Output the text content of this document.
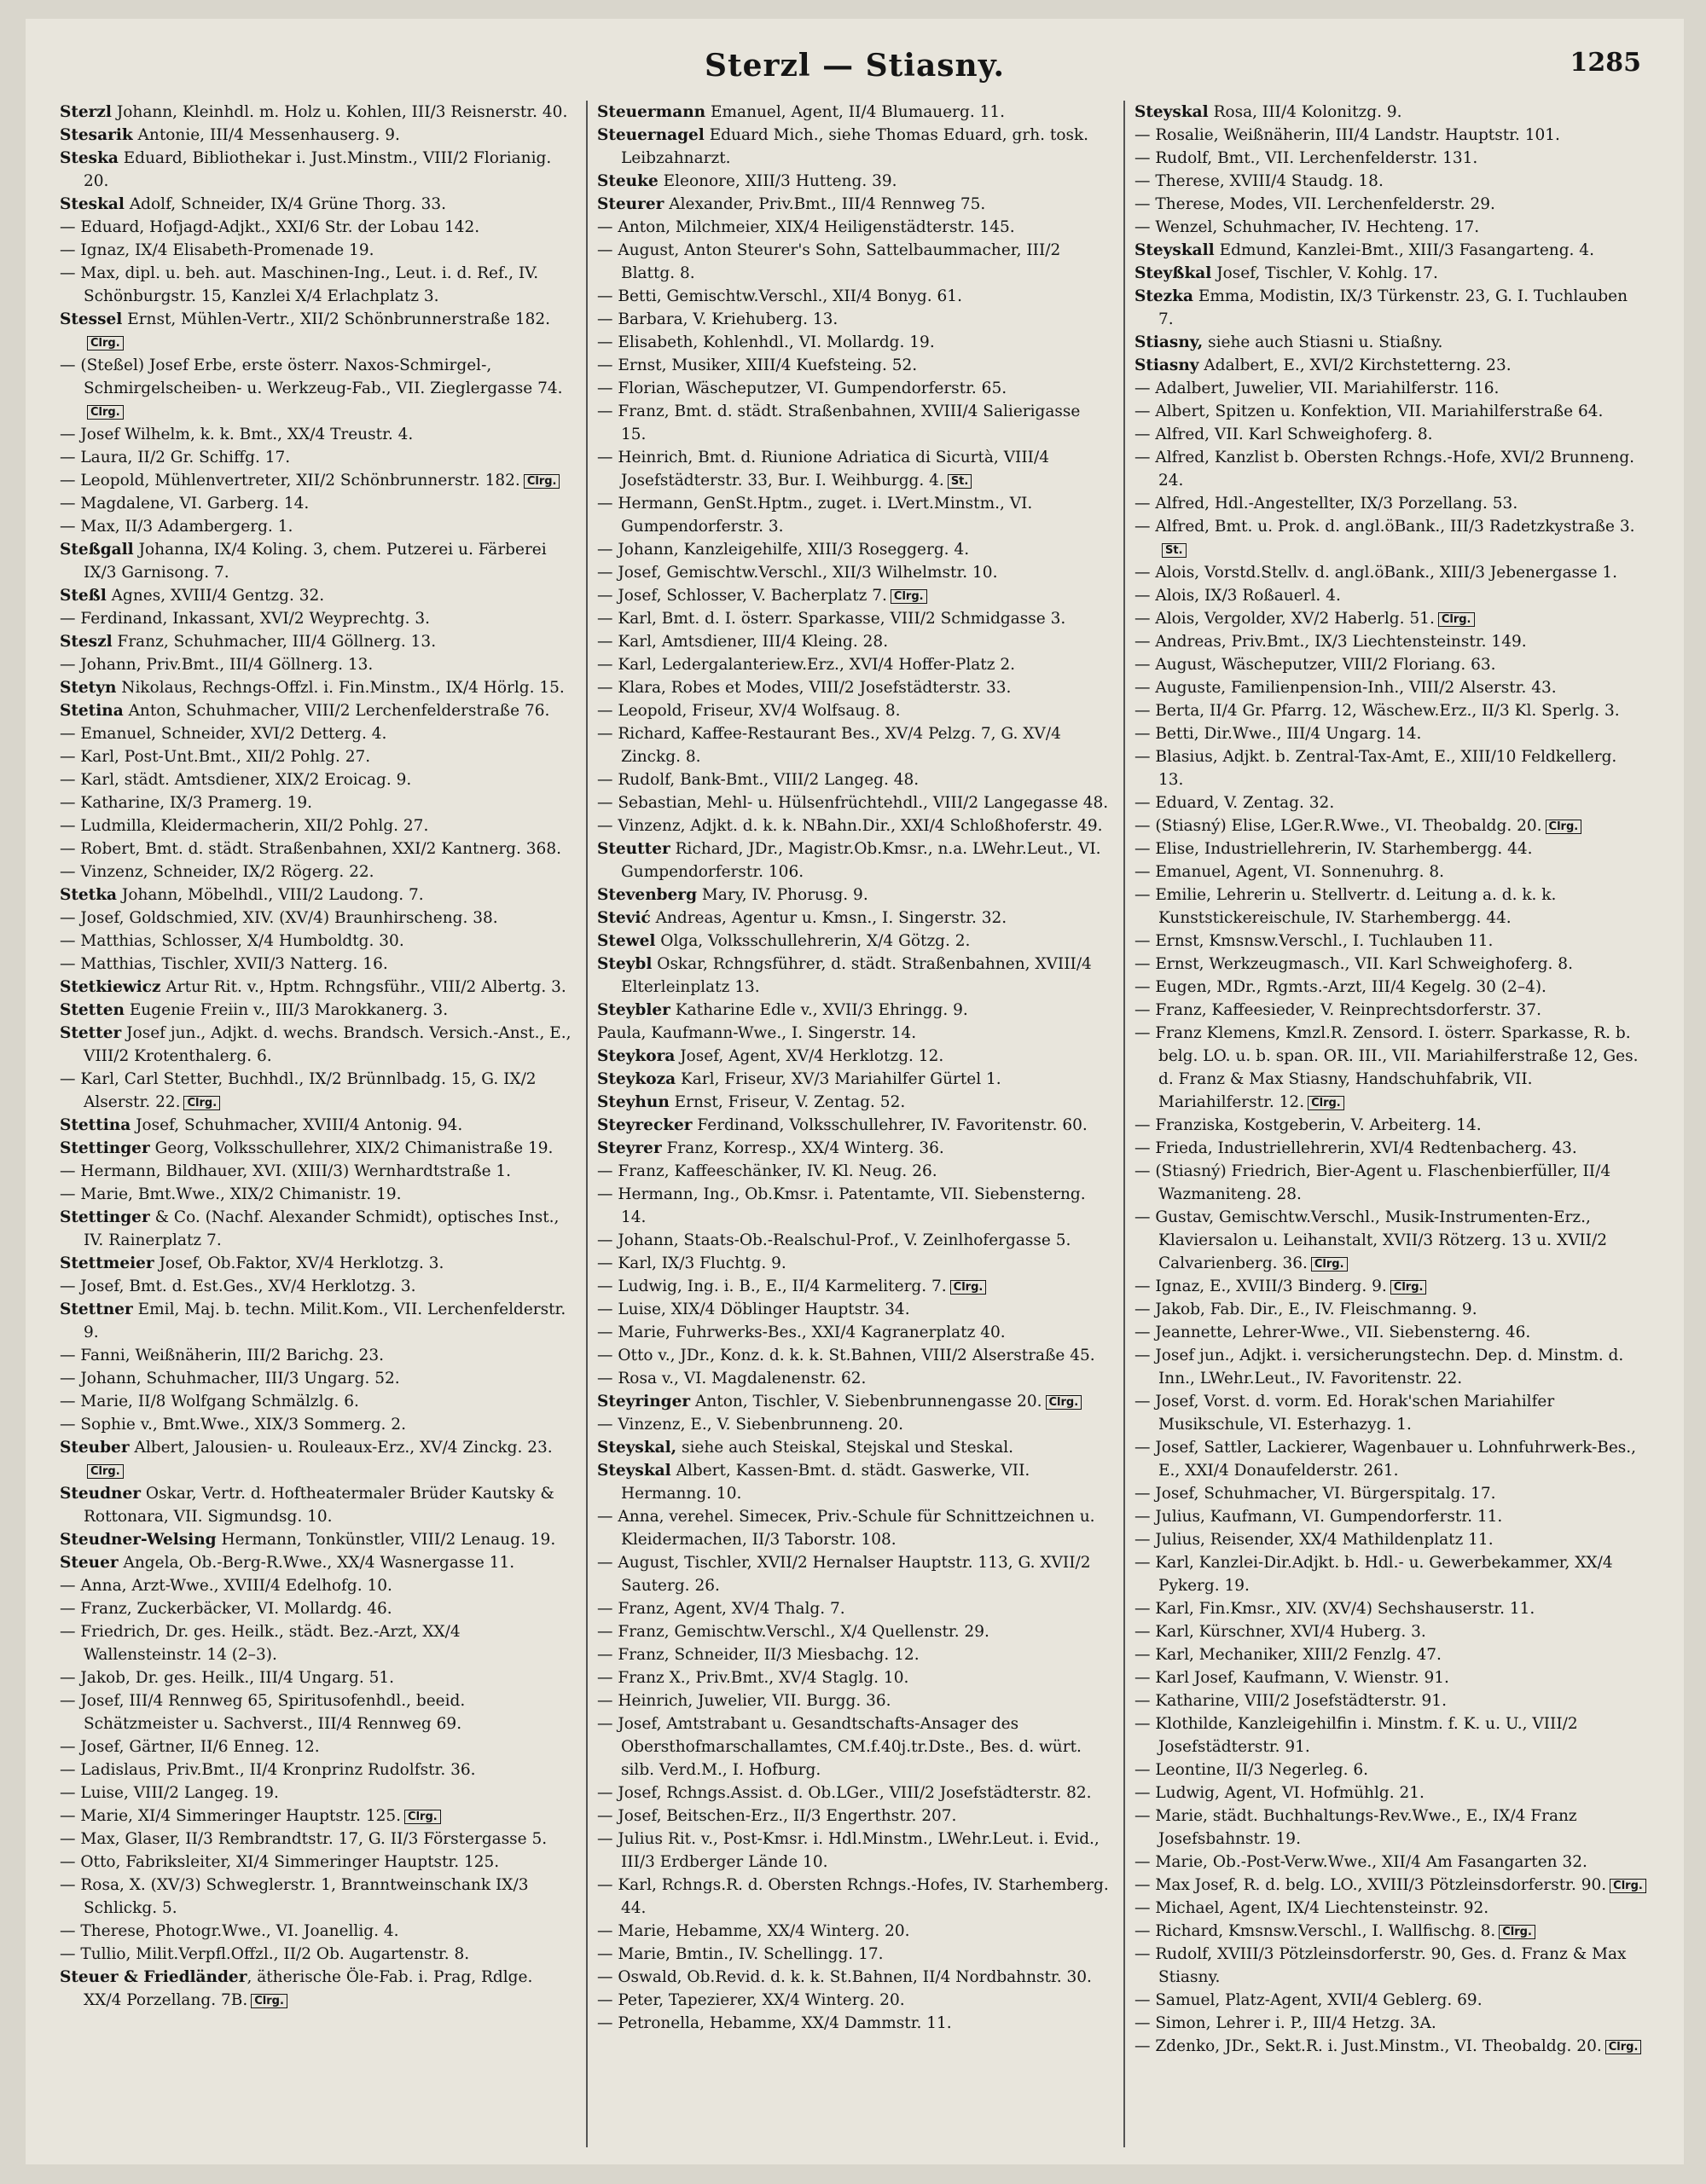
Sterzl — Stiasny.	1285
Sterzl Johann, Kleinhdl. m. Holz u. Kohlen, III/3 Reisnerstr. 40.
Stesarik Antonie, III/4 Messenhauserg. 9.
Steska Eduard, Bibliothekar i. Just.Minstm., VIII/2 Florianig. 20.
Steskal Adolf, Schneider, IX/4 Grüne Thorg. 33.
— Eduard, Hofjagd-Adjkt., XXI/6 Str. der Lobau 142.
— Ignaz, IX/4 Elisabeth-Promenade 19.
— Max, dipl. u. beh. aut. Maschinen-Ing., Leut. i. d. Ref., IV. Schönburgstr. 15, Kanzlei X/4 Erlachplatz 3.
Stessel Ernst, Mühlen-Vertr., XII/2 Schönbrunnerstraße 182.Clrg.
— (Steßel) Josef Erbe, erste österr. Naxos-Schmirgel-, Schmirgelscheiben- u. Werkzeug-Fab., VII. Zieglergasse 74.Clrg.
— Josef Wilhelm, k. k. Bmt., XX/4 Treustr. 4.
— Laura, II/2 Gr. Schiffg. 17.
— Leopold, Mühlenvertreter, XII/2 Schönbrunnerstr. 182. Clrg.
— Magdalene, VI. Garberg. 14.
— Max, II/3 Adambergerg. 1.
Steßgall Johanna, IX/4 Koling. 3, chem. Putzerei u. Färberei IX/3 Garnisong. 7.
Steßl Agnes, XVIII/4 Gentzg. 32.
— Ferdinand, Inkassant, XVI/2 Weyprechtg. 3.
Steszl Franz, Schuhmacher, III/4 Göllnerg. 13.
— Johann, Priv.Bmt., III/4 Göllnerg. 13.
Stetyn Nikolaus, Rechngs-Offzl. i. Fin.Minstm., IX/4 Hörlg. 15.
Stetina Anton, Schuhmacher, VIII/2 Lerchenfelderstraße 76.
— Emanuel, Schneider, XVI/2 Detterg. 4.
— Karl, Post-Unt.Bmt., XII/2 Pohlg. 27.
— Karl, städt. Amtsdiener, XIX/2 Eroicag. 9.
— Katharine, IX/3 Pramerg. 19.
— Ludmilla, Kleidermacherin, XII/2 Pohlg. 27.
— Robert, Bmt. d. städt. Straßenbahnen, XXI/2 Kantnerg. 368.
— Vinzenz, Schneider, IX/2 Rögerg. 22.
Stetka Johann, Möbelhdl., VIII/2 Laudong. 7.
— Josef, Goldschmied, XIV. (XV/4) Braunhirscheng. 38.
— Matthias, Schlosser, X/4 Humboldtg. 30.
— Matthias, Tischler, XVII/3 Natterg. 16.
Stetkiewicz Artur Rit. v., Hptm. Rchngsführ., VIII/2 Albertg. 3.
Stetten Eugenie Freiin v., III/3 Marokkanerg. 3.
Stetter Josef jun., Adjkt. d. wechs. Brandsch. Versich.-Anst., E., VIII/2 Krotenthalerg. 6.
— Karl, Carl Stetter, Buchhdl., IX/2 Brünnlbadg. 15, G. IX/2 Alserstr. 22. Clrg.
Stettina Josef, Schuhmacher, XVIII/4 Antonig. 94.
Stettinger Georg, Volksschullehrer, XIX/2 Chimanistraße 19.
— Hermann, Bildhauer, XVI. (XIII/3) Wernhardtstraße 1.
— Marie, Bmt.Wwe., XIX/2 Chimanistr. 19.
Stettinger & Co. (Nachf. Alexander Schmidt), optisches Inst., IV. Rainerplatz 7.
Stettmeier Josef, Ob.Faktor, XV/4 Herklotzg. 3.
— Josef, Bmt. d. Est.Ges., XV/4 Herklotzg. 3.
Stettner Emil, Maj. b. techn. Milit.Kom., VII. Lerchenfelderstr. 9.
— Fanni, Weißnäherin, III/2 Barichg. 23.
— Johann, Schuhmacher, III/3 Ungarg. 52.
— Marie, II/8 Wolfgang Schmälzlg. 6.
— Sophie v., Bmt.Wwe., XIX/3 Sommerg. 2.
Steuber Albert, Jalousien- u. Rouleaux-Erz., XV/4 Zinckg. 23.Clrg.
Steudner Oskar, Vertr. d. Hoftheatermaler Brüder Kautsky & Rottonara, VII. Sigmundsg. 10.
Steudner-Welsing Hermann, Tonkünstler, VIII/2 Lenaug. 19.
Steuer Angela, Ob.-Berg-R.Wwe., XX/4 Wasnergasse 11.
— Anna, Arzt-Wwe., XVIII/4 Edelhofg. 10.
— Franz, Zuckerbäcker, VI. Mollardg. 46.
— Friedrich, Dr. ges. Heilk., städt. Bez.-Arzt, XX/4 Wallensteinstr. 14 (2–3).
— Jakob, Dr. ges. Heilk., III/4 Ungarg. 51.
— Josef, III/4 Rennweg 65, Spiritusofenhdl., beeid. Schätzmeister u. Sachverst., III/4 Rennweg 69.
— Josef, Gärtner, II/6 Enneg. 12.
— Ladislaus, Priv.Bmt., II/4 Kronprinz Rudolfstr. 36.
— Luise, VIII/2 Langeg. 19.
— Marie, XI/4 Simmeringer Hauptstr. 125. Clrg.
— Max, Glaser, II/3 Rembrandtstr. 17, G. II/3 Förstergasse 5.
— Otto, Fabriksleiter, XI/4 Simmeringer Hauptstr. 125.
— Rosa, X. (XV/3) Schweglerstr. 1, Branntweinschank IX/3 Schlickg. 5.
— Therese, Photogr.Wwe., VI. Joanellig. 4.
— Tullio, Milit.Verpfl.Offzl., II/2 Ob. Augartenstr. 8.
Steuer & Friedländer, ätherische Öle-Fab. i. Prag, Rdlge. XX/4 Porzellang. 7B. Clrg.
Steuermann Emanuel, Agent, II/4 Blumauerg. 11.
Steuernagel Eduard Mich., siehe Thomas Eduard, grh. tosk. Leibzahnarzt.
Steuke Eleonore, XIII/3 Hutteng. 39.
Steurer Alexander, Priv.Bmt., III/4 Rennweg 75.
— Anton, Milchmeier, XIX/4 Heiligenstädterstr. 145.
— August, Anton Steurer's Sohn, Sattelbaummacher, III/2 Blattg. 8.
— Betti, Gemischtw.Verschl., XII/4 Bonyg. 61.
— Barbara, V. Kriehuberg. 13.
— Elisabeth, Kohlenhdl., VI. Mollardg. 19.
— Ernst, Musiker, XIII/4 Kuefsteing. 52.
— Florian, Wäscheputzer, VI. Gumpendorferstr. 65.
— Franz, Bmt. d. städt. Straßenbahnen, XVIII/4 Salierigasse 15.
— Heinrich, Bmt. d. Riunione Adriatica di Sicurtà, VIII/4 Josefstädterstr. 33, Bur. I. Weihburgg. 4. St.
— Hermann, GenSt.Hptm., zuget. i. LVert.Minstm., VI. Gumpendorferstr. 3.
— Johann, Kanzleigehilfe, XIII/3 Roseggerg. 4.
— Josef, Gemischtw.Verschl., XII/3 Wilhelmstr. 10.
— Josef, Schlosser, V. Bacherplatz 7. Clrg.
— Karl, Bmt. d. I. österr. Sparkasse, VIII/2 Schmidgasse 3.
— Karl, Amtsdiener, III/4 Kleing. 28.
— Karl, Ledergalanteriew.Erz., XVI/4 Hoffer-Platz 2.
— Klara, Robes et Modes, VIII/2 Josefstädterstr. 33.
— Leopold, Friseur, XV/4 Wolfsaug. 8.
— Richard, Kaffee-Restaurant Bes., XV/4 Pelzg. 7, G. XV/4 Zinckg. 8.
— Rudolf, Bank-Bmt., VIII/2 Langeg. 48.
— Sebastian, Mehl- u. Hülsenfrüchtehdl., VIII/2 Langegasse 48.
— Vinzenz, Adjkt. d. k. k. NBahn.Dir., XXI/4 Schloßhoferstr. 49.
Steutter Richard, JDr., Magistr.Ob.Kmsr., n.a. LWehr.Leut., VI. Gumpendorferstr. 106.
Stevenberg Mary, IV. Phorusg. 9.
Stević Andreas, Agentur u. Kmsn., I. Singerstr. 32.
Stewel Olga, Volksschullehrerin, X/4 Götzg. 2.
Steybl Oskar, Rchngsführer, d. städt. Straßenbahnen, XVIII/4 Elterleinplatz 13.
Steybler Katharine Edle v., XVII/3 Ehringg. 9.
Paula, Kaufmann-Wwe., I. Singerstr. 14.
Steykora Josef, Agent, XV/4 Herklotzg. 12.
Steykoza Karl, Friseur, XV/3 Mariahilfer Gürtel 1.
Steyhun Ernst, Friseur, V. Zentag. 52.
Steyrecker Ferdinand, Volksschullehrer, IV. Favoritenstr. 60.
Steyrer Franz, Korresp., XX/4 Winterg. 36.
— Franz, Kaffeeschänker, IV. Kl. Neug. 26.
— Hermann, Ing., Ob.Kmsr. i. Patentamte, VII. Siebensterng. 14.
— Johann, Staats-Ob.-Realschul-Prof., V. Zeinlhofergasse 5.
— Karl, IX/3 Fluchtg. 9.
— Ludwig, Ing. i. B., E., II/4 Karmeliterg. 7. Clrg.
— Luise, XIX/4 Döblinger Hauptstr. 34.
— Marie, Fuhrwerks-Bes., XXI/4 Kagranerplatz 40.
— Otto v., JDr., Konz. d. k. k. St.Bahnen, VIII/2 Alserstraße 45.
— Rosa v., VI. Magdalenenstr. 62.
Steyringer Anton, Tischler, V. Siebenbrunnengasse 20. Clrg.
— Vinzenz, E., V. Siebenbrunneng. 20.
Steyskal, siehe auch Steiskal, Stejskal und Steskal.
Steyskal Albert, Kassen-Bmt. d. städt. Gaswerke, VII. Hermanng. 10.
— Anna, verehel. Simeceк, Priv.-Schule für Schnittzeichnen u. Kleidermachen, II/3 Taborstr. 108.
— August, Tischler, XVII/2 Hernalser Hauptstr. 113, G. XVII/2 Sauterg. 26.
— Franz, Agent, XV/4 Thalg. 7.
— Franz, Gemischtw.Verschl., X/4 Quellenstr. 29.
— Franz, Schneider, II/3 Miesbachg. 12.
— Franz X., Priv.Bmt., XV/4 Staglg. 10.
— Heinrich, Juwelier, VII. Burgg. 36.
— Josef, Amtstrabant u. Gesandtschafts-Ansager des Obersthofmarschallamtes, CM.f.40j.tr.Dste., Bes. d. würt. silb. Verd.M., I. Hofburg.
— Josef, Rchngs.Assist. d. Ob.LGer., VIII/2 Josefstädterstr. 82.
— Josef, Beitschen-Erz., II/3 Engerthstr. 207.
— Julius Rit. v., Post-Kmsr. i. Hdl.Minstm., LWehr.Leut. i. Evid., III/3 Erdberger Lände 10.
— Karl, Rchngs.R. d. Obersten Rchngs.-Hofes, IV. Starhemberg. 44.
— Marie, Hebamme, XX/4 Winterg. 20.
— Marie, Bmtin., IV. Schellingg. 17.
— Oswald, Ob.Revid. d. k. k. St.Bahnen, II/4 Nordbahnstr. 30.
— Peter, Tapezierer, XX/4 Winterg. 20.
— Petronella, Hebamme, XX/4 Dammstr. 11.
Steyskal Rosa, III/4 Kolonitzg. 9.
— Rosalie, Weißnäherin, III/4 Landstr. Hauptstr. 101.
— Rudolf, Bmt., VII. Lerchenfelderstr. 131.
— Therese, XVIII/4 Staudg. 18.
— Therese, Modes, VII. Lerchenfelderstr. 29.
— Wenzel, Schuhmacher, IV. Hechteng. 17.
Steyskall Edmund, Kanzlei-Bmt., XIII/3 Fasangarteng. 4.
Steyßkal Josef, Tischler, V. Kohlg. 17.
Stezka Emma, Modistin, IX/3 Türkenstr. 23, G. I. Tuchlauben 7.
Stiasny, siehe auch Stiasni u. Stiaßny.
Stiasny Adalbert, E., XVI/2 Kirchstetterng. 23.
— Adalbert, Juwelier, VII. Mariahilferstr. 116.
— Albert, Spitzen u. Konfektion, VII. Mariahilferstraße 64.
— Alfred, VII. Karl Schweighoferg. 8.
— Alfred, Kanzlist b. Obersten Rchngs.-Hofe, XVI/2 Brunneng. 24.
— Alfred, Hdl.-Angestellter, IX/3 Porzellang. 53.
— Alfred, Bmt. u. Prok. d. angl.öBank., III/3 Radetzkystraße 3.St.
— Alois, Vorstd.Stellv. d. angl.öBank., XIII/3 Jebenergasse 1.
— Alois, IX/3 Roßauerl. 4.
— Alois, Vergolder, XV/2 Haberlg. 51. Clrg.
— Andreas, Priv.Bmt., IX/3 Liechtensteinstr. 149.
— August, Wäscheputzer, VIII/2 Floriang. 63.
— Auguste, Familienpension-Inh., VIII/2 Alserstr. 43.
— Berta, II/4 Gr. Pfarrg. 12, Wäschew.Erz., II/3 Kl. Sperlg. 3.
— Betti, Dir.Wwe., III/4 Ungarg. 14.
— Blasius, Adjkt. b. Zentral-Tax-Amt, E., XIII/10 Feldkellerg. 13.
— Eduard, V. Zentag. 32.
— (Stiasný) Elise, LGer.R.Wwe., VI. Theobaldg. 20. Clrg.
— Elise, Industriellehrerin, IV. Starhembergg. 44.
— Emanuel, Agent, VI. Sonnenuhrg. 8.
— Emilie, Lehrerin u. Stellvertr. d. Leitung a. d. k. k. Kunststickereischule, IV. Starhembergg. 44.
— Ernst, Kmsnsw.Verschl., I. Tuchlauben 11.
— Ernst, Werkzeugmasch., VII. Karl Schweighoferg. 8.
— Eugen, MDr., Rgmts.-Arzt, III/4 Kegelg. 30 (2–4).
— Franz, Kaffeesieder, V. Reinprechtsdorferstr. 37.
— Franz Klemens, Kmzl.R. Zensord. I. österr. Sparkasse, R. b. belg. LO. u. b. span. OR. III., VII. Mariahilferstraße 12, Ges. d. Franz & Max Stiasny, Handschuhfabrik, VII. Mariahilferstr. 12. Clrg.
— Franziska, Kostgeberin, V. Arbeiterg. 14.
— Frieda, Industriellehrerin, XVI/4 Redtenbacherg. 43.
— (Stiasný) Friedrich, Bier-Agent u. Flaschenbierfüller, II/4 Wazmaniteng. 28.
— Gustav, Gemischtw.Verschl., Musik-Instrumenten-Erz., Klaviersalon u. Leihanstalt, XVII/3 Rötzerg. 13 u. XVII/2 Calvarienberg. 36. Clrg.
— Ignaz, E., XVIII/3 Binderg. 9. Clrg.
— Jakob, Fab. Dir., E., IV. Fleischmanng. 9.
— Jeannette, Lehrer-Wwe., VII. Siebensterng. 46.
— Josef jun., Adjkt. i. versicherungstechn. Dep. d. Minstm. d. Inn., LWehr.Leut., IV. Favoritenstr. 22.
— Josef, Vorst. d. vorm. Ed. Horak'schen Mariahilfer Musikschule, VI. Esterhazyg. 1.
— Josef, Sattler, Lackierer, Wagenbauer u. Lohnfuhrwerk-Bes., E., XXI/4 Donaufelderstr. 261.
— Josef, Schuhmacher, VI. Bürgerspitalg. 17.
— Julius, Kaufmann, VI. Gumpendorferstr. 11.
— Julius, Reisender, XX/4 Mathildenplatz 11.
— Karl, Kanzlei-Dir.Adjkt. b. Hdl.- u. Gewerbekammer, XX/4 Pykerg. 19.
— Karl, Fin.Kmsr., XIV. (XV/4) Sechshauserstr. 11.
— Karl, Kürschner, XVI/4 Huberg. 3.
— Karl, Mechaniker, XIII/2 Fenzlg. 47.
— Karl Josef, Kaufmann, V. Wienstr. 91.
— Katharine, VIII/2 Josefstädterstr. 91.
— Klothilde, Kanzleigehilfin i. Minstm. f. K. u. U., VIII/2 Josefstädterstr. 91.
— Leontine, II/3 Negerleg. 6.
— Ludwig, Agent, VI. Hofmühlg. 21.
— Marie, städt. Buchhaltungs-Rev.Wwe., E., IX/4 Franz Josefsbahnstr. 19.
— Marie, Ob.-Post-Verw.Wwe., XII/4 Am Fasangarten 32.
— Max Josef, R. d. belg. LO., XVIII/3 Pötzleinsdorferstr. 90. Clrg.
— Michael, Agent, IX/4 Liechtensteinstr. 92.
— Richard, Kmsnsw.Verschl., I. Wallfischg. 8. Clrg.
— Rudolf, XVIII/3 Pötzleinsdorferstr. 90, Ges. d. Franz & Max Stiasny.
— Samuel, Platz-Agent, XVII/4 Geblerg. 69.
— Simon, Lehrer i. P., III/4 Hetzg. 3A.
— Zdenko, JDr., Sekt.R. i. Just.Minstm., VI. Theobaldg. 20. Clrg.
